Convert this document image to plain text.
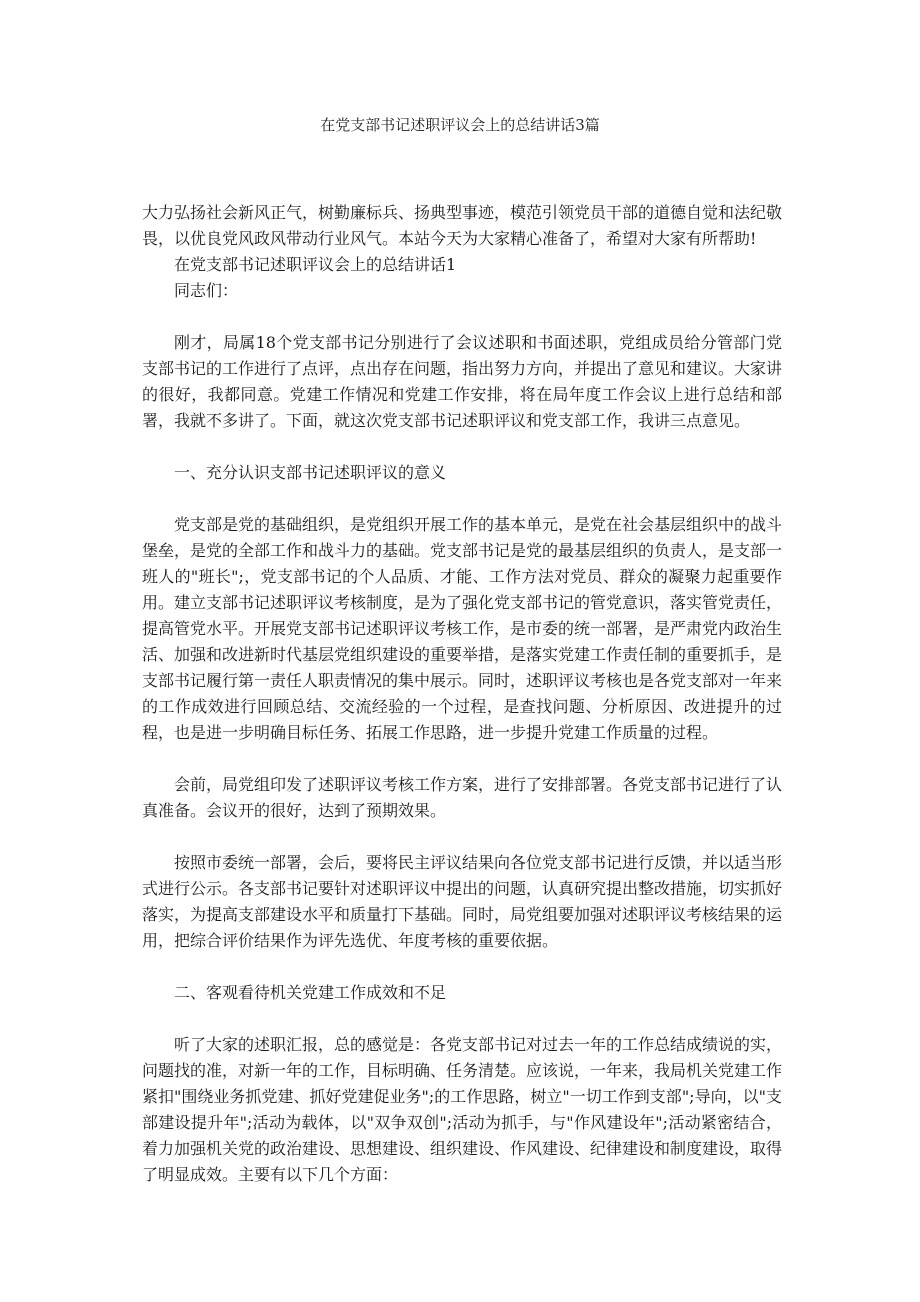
在党支部书记述职评议会上的总结讲话3篇

大力弘扬社会新风正气，树勤廉标兵、扬典型事迹，模范引领党员干部的道德自觉和法纪敬畏，以优良党风政风带动行业风气。本站今天为大家精心准备了，希望对大家有所帮助!

在党支部书记述职评议会上的总结讲话1

同志们：

刚才，局属18个党支部书记分别进行了会议述职和书面述职，党组成员给分管部门党支部书记的工作进行了点评，点出存在问题，指出努力方向，并提出了意见和建议。大家讲的很好，我都同意。党建工作情况和党建工作安排，将在局年度工作会议上进行总结和部署，我就不多讲了。下面，就这次党支部书记述职评议和党支部工作，我讲三点意见。

一、充分认识支部书记述职评议的意义

党支部是党的基础组织，是党组织开展工作的基本单元，是党在社会基层组织中的战斗堡垒，是党的全部工作和战斗力的基础。党支部书记是党的最基层组织的负责人，是支部一班人的"班长";，党支部书记的个人品质、才能、工作方法对党员、群众的凝聚力起重要作用。建立支部书记述职评议考核制度，是为了强化党支部书记的管党意识，落实管党责任，提高管党水平。开展党支部书记述职评议考核工作，是市委的统一部署，是严肃党内政治生活、加强和改进新时代基层党组织建设的重要举措，是落实党建工作责任制的重要抓手，是支部书记履行第一责任人职责情况的集中展示。同时，述职评议考核也是各党支部对一年来的工作成效进行回顾总结、交流经验的一个过程，是查找问题、分析原因、改进提升的过程，也是进一步明确目标任务、拓展工作思路，进一步提升党建工作质量的过程。

会前，局党组印发了述职评议考核工作方案，进行了安排部署。各党支部书记进行了认真准备。会议开的很好，达到了预期效果。

按照市委统一部署，会后，要将民主评议结果向各位党支部书记进行反馈，并以适当形式进行公示。各支部书记要针对述职评议中提出的问题，认真研究提出整改措施，切实抓好落实，为提高支部建设水平和质量打下基础。同时，局党组要加强对述职评议考核结果的运用，把综合评价结果作为评先选优、年度考核的重要依据。

二、客观看待机关党建工作成效和不足

听了大家的述职汇报，总的感觉是：各党支部书记对过去一年的工作总结成绩说的实，问题找的准，对新一年的工作，目标明确、任务清楚。应该说，一年来，我局机关党建工作紧扣"围绕业务抓党建、抓好党建促业务";的工作思路，树立"一切工作到支部";导向，以"支部建设提升年";活动为载体，以"双争双创";活动为抓手，与"作风建设年";活动紧密结合，着力加强机关党的政治建设、思想建设、组织建设、作风建设、纪律建设和制度建设，取得了明显成效。主要有以下几个方面：
